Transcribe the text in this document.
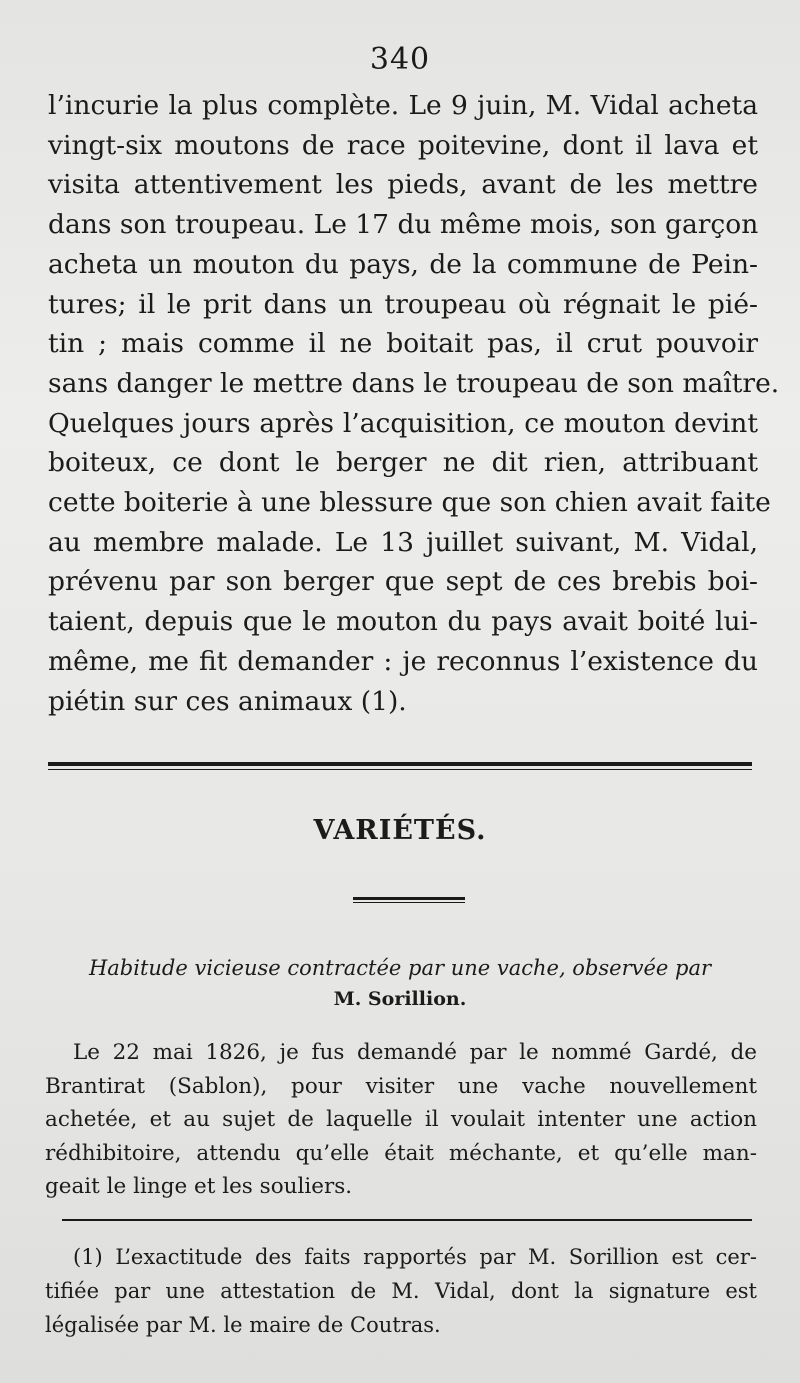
340
l’incurie la plus complète. Le 9 juin, M. Vidal acheta
vingt-six moutons de race poitevine, dont il lava et
visita attentivement les pieds, avant de les mettre
dans son troupeau. Le 17 du même mois, son garçon
acheta un mouton du pays, de la commune de Pein-
tures; il le prit dans un troupeau où régnait le pié-
tin ; mais comme il ne boitait pas, il crut pouvoir
sans danger le mettre dans le troupeau de son maître.
Quelques jours après l’acquisition, ce mouton devint
boiteux, ce dont le berger ne dit rien, attribuant
cette boiterie à une blessure que son chien avait faite
au membre malade. Le 13 juillet suivant, M. Vidal,
prévenu par son berger que sept de ces brebis boi-
taient, depuis que le mouton du pays avait boité lui-
même, me fit demander : je reconnus l’existence du
piétin sur ces animaux (1).
VARIÉTÉS.
Habitude vicieuse contractée par une vache, observée par
M. Sorillion.
Le 22 mai 1826, je fus demandé par le nommé Gardé, de
Brantirat (Sablon), pour visiter une vache nouvellement
achetée, et au sujet de laquelle il voulait intenter une action
rédhibitoire, attendu qu’elle était méchante, et qu’elle man-
geait le linge et les souliers.
(1) L’exactitude des faits rapportés par M. Sorillion est cer-
tifiée par une attestation de M. Vidal, dont la signature est
légalisée par M. le maire de Coutras.
